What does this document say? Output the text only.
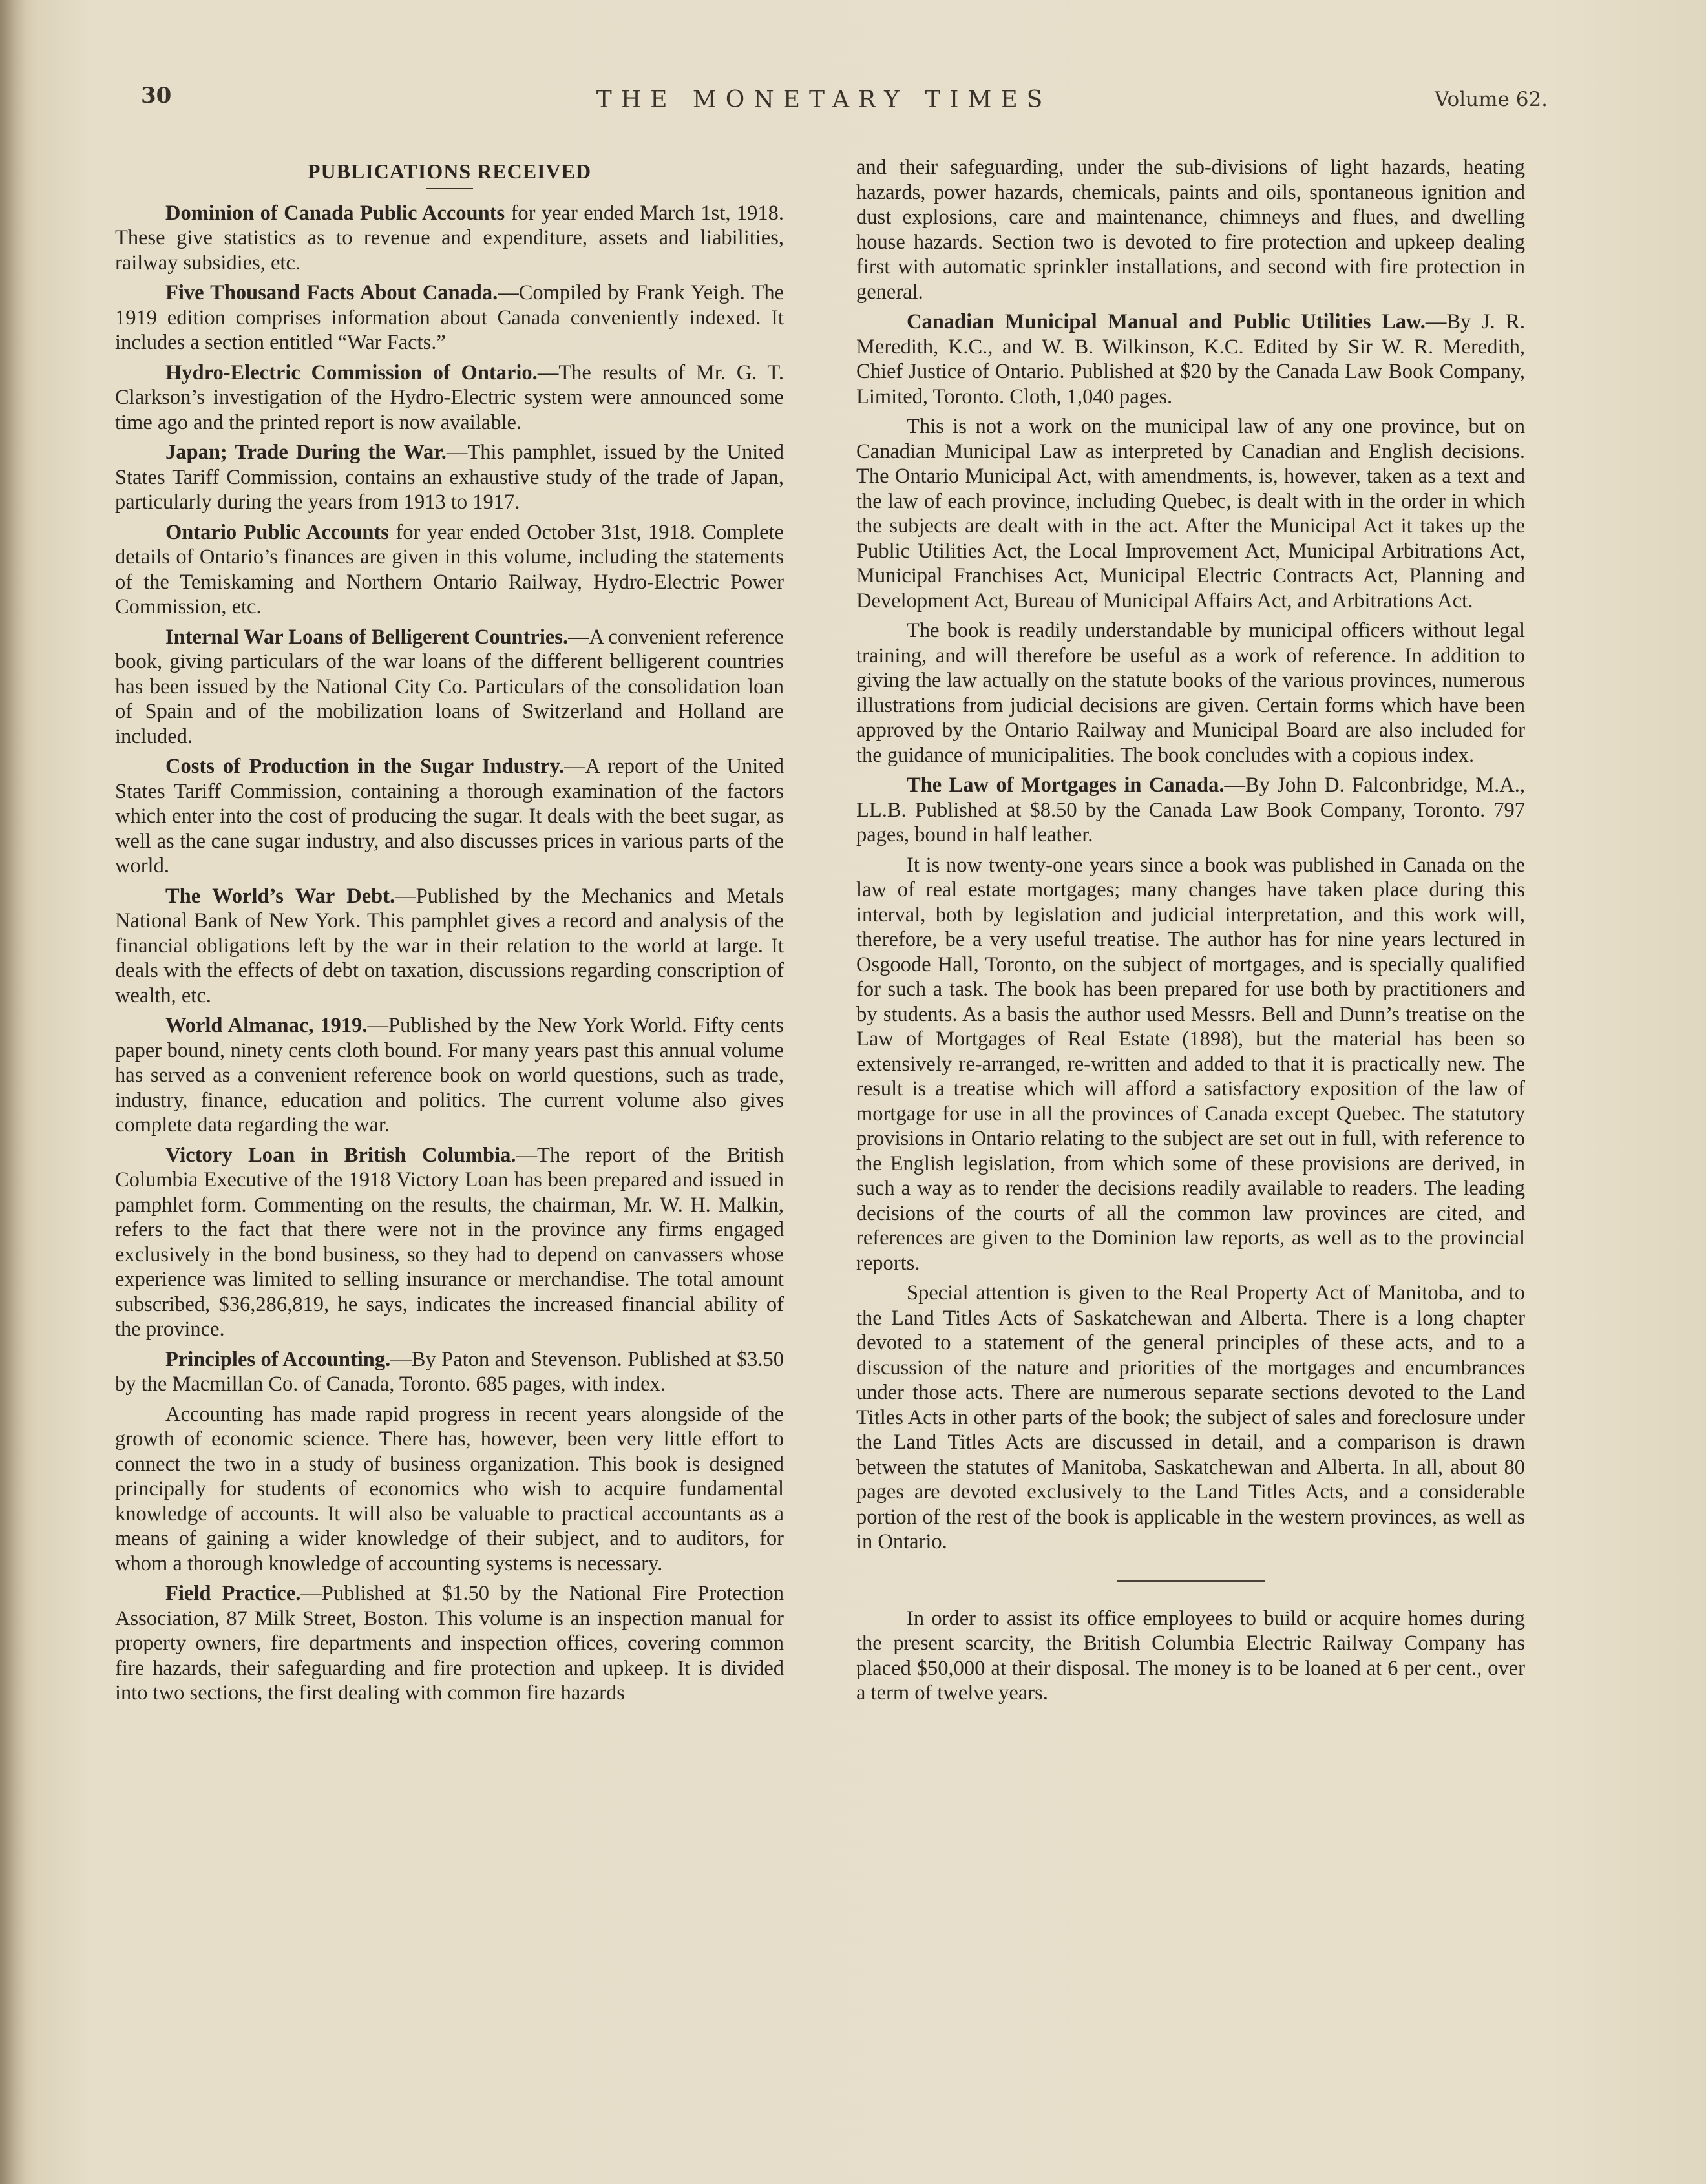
30	THE MONETARY TIMES	Volume 62.
PUBLICATIONS RECEIVED

Dominion of Canada Public Accounts for year ended March 1st, 1918. These give statistics as to revenue and expenditure, assets and liabilities, railway subsidies, etc.

Five Thousand Facts About Canada.—Compiled by Frank Yeigh. The 1919 edition comprises information about Canada conveniently indexed. It includes a section entitled “War Facts.”

Hydro-Electric Commission of Ontario.—The results of Mr. G. T. Clarkson’s investigation of the Hydro-Electric system were announced some time ago and the printed report is now available.

Japan; Trade During the War.—This pamphlet, issued by the United States Tariff Commission, contains an exhaustive study of the trade of Japan, particularly during the years from 1913 to 1917.

Ontario Public Accounts for year ended October 31st, 1918. Complete details of Ontario’s finances are given in this volume, including the statements of the Temiskaming and Northern Ontario Railway, Hydro-Electric Power Commission, etc.

Internal War Loans of Belligerent Countries.—A convenient reference book, giving particulars of the war loans of the different belligerent countries has been issued by the National City Co. Particulars of the consolidation loan of Spain and of the mobilization loans of Switzerland and Holland are included.

Costs of Production in the Sugar Industry.—A report of the United States Tariff Commission, containing a thorough examination of the factors which enter into the cost of producing the sugar. It deals with the beet sugar, as well as the cane sugar industry, and also discusses prices in various parts of the world.

The World’s War Debt.—Published by the Mechanics and Metals National Bank of New York. This pamphlet gives a record and analysis of the financial obligations left by the war in their relation to the world at large. It deals with the effects of debt on taxation, discussions regarding conscription of wealth, etc.

World Almanac, 1919.—Published by the New York World. Fifty cents paper bound, ninety cents cloth bound. For many years past this annual volume has served as a convenient reference book on world questions, such as trade, industry, finance, education and politics. The current volume also gives complete data regarding the war.

Victory Loan in British Columbia.—The report of the British Columbia Executive of the 1918 Victory Loan has been prepared and issued in pamphlet form. Commenting on the results, the chairman, Mr. W. H. Malkin, refers to the fact that there were not in the province any firms engaged exclusively in the bond business, so they had to depend on canvassers whose experience was limited to selling insurance or merchandise. The total amount subscribed, $36,286,819, he says, indicates the increased financial ability of the province.

Principles of Accounting.—By Paton and Stevenson. Published at $3.50 by the Macmillan Co. of Canada, Toronto. 685 pages, with index.

Accounting has made rapid progress in recent years alongside of the growth of economic science. There has, however, been very little effort to connect the two in a study of business organization. This book is designed principally for students of economics who wish to acquire fundamental knowledge of accounts. It will also be valuable to practical accountants as a means of gaining a wider knowledge of their subject, and to auditors, for whom a thorough knowledge of accounting systems is necessary.

Field Practice.—Published at $1.50 by the National Fire Protection Association, 87 Milk Street, Boston. This volume is an inspection manual for property owners, fire departments and inspection offices, covering common fire hazards, their safeguarding and fire protection and upkeep. It is divided into two sections, the first dealing with common fire hazards

and their safeguarding, under the sub-divisions of light hazards, heating hazards, power hazards, chemicals, paints and oils, spontaneous ignition and dust explosions, care and maintenance, chimneys and flues, and dwelling house hazards. Section two is devoted to fire protection and upkeep dealing first with automatic sprinkler installations, and second with fire protection in general.

Canadian Municipal Manual and Public Utilities Law.—By J. R. Meredith, K.C., and W. B. Wilkinson, K.C. Edited by Sir W. R. Meredith, Chief Justice of Ontario. Published at $20 by the Canada Law Book Company, Limited, Toronto. Cloth, 1,040 pages.

This is not a work on the municipal law of any one province, but on Canadian Municipal Law as interpreted by Canadian and English decisions. The Ontario Municipal Act, with amendments, is, however, taken as a text and the law of each province, including Quebec, is dealt with in the order in which the subjects are dealt with in the act. After the Municipal Act it takes up the Public Utilities Act, the Local Improvement Act, Municipal Arbitrations Act, Municipal Franchises Act, Municipal Electric Contracts Act, Planning and Development Act, Bureau of Municipal Affairs Act, and Arbitrations Act.

The book is readily understandable by municipal officers without legal training, and will therefore be useful as a work of reference. In addition to giving the law actually on the statute books of the various provinces, numerous illustrations from judicial decisions are given. Certain forms which have been approved by the Ontario Railway and Municipal Board are also included for the guidance of municipalities. The book concludes with a copious index.

The Law of Mortgages in Canada.—By John D. Falconbridge, M.A., LL.B. Published at $8.50 by the Canada Law Book Company, Toronto. 797 pages, bound in half leather.

It is now twenty-one years since a book was published in Canada on the law of real estate mortgages; many changes have taken place during this interval, both by legislation and judicial interpretation, and this work will, therefore, be a very useful treatise. The author has for nine years lectured in Osgoode Hall, Toronto, on the subject of mortgages, and is specially qualified for such a task. The book has been prepared for use both by practitioners and by students. As a basis the author used Messrs. Bell and Dunn’s treatise on the Law of Mortgages of Real Estate (1898), but the material has been so extensively re-arranged, re-written and added to that it is practically new. The result is a treatise which will afford a satisfactory exposition of the law of mortgage for use in all the provinces of Canada except Quebec. The statutory provisions in Ontario relating to the subject are set out in full, with reference to the English legislation, from which some of these provisions are derived, in such a way as to render the decisions readily available to readers. The leading decisions of the courts of all the common law provinces are cited, and references are given to the Dominion law reports, as well as to the provincial reports.

Special attention is given to the Real Property Act of Manitoba, and to the Land Titles Acts of Saskatchewan and Alberta. There is a long chapter devoted to a statement of the general principles of these acts, and to a discussion of the nature and priorities of the mortgages and encumbrances under those acts. There are numerous separate sections devoted to the Land Titles Acts in other parts of the book; the subject of sales and foreclosure under the Land Titles Acts are discussed in detail, and a comparison is drawn between the statutes of Manitoba, Saskatchewan and Alberta. In all, about 80 pages are devoted exclusively to the Land Titles Acts, and a considerable portion of the rest of the book is applicable in the western provinces, as well as in Ontario.

In order to assist its office employees to build or acquire homes during the present scarcity, the British Columbia Electric Railway Company has placed $50,000 at their disposal. The money is to be loaned at 6 per cent., over a term of twelve years.
